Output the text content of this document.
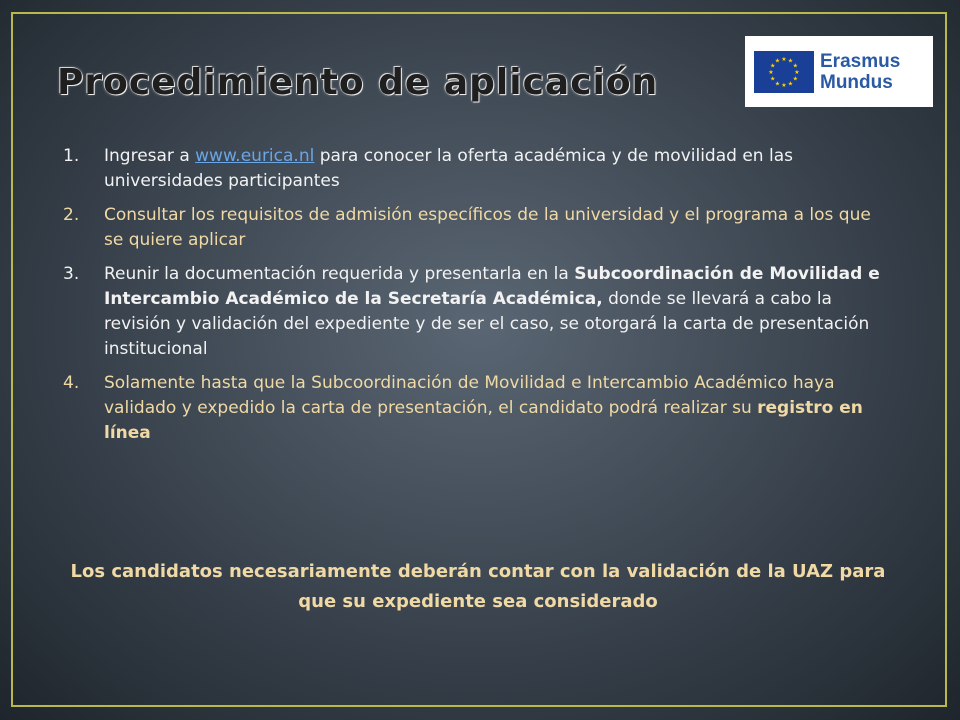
Procedimiento de aplicación
★ ★
★
★
★
★
★
★
★
★
★
★ Erasmus
Mundus
1.	Ingresar a www.eurica.nl para conocer la oferta académica y de movilidad en las universidades participantes
2.	Consultar los requisitos de admisión específicos de la universidad y el programa a los que se quiere aplicar
3.	Reunir la documentación requerida y presentarla en la Subcoordinación de Movilidad e Intercambio Académico de la Secretaría Académica, donde se llevará a cabo la revisión y validación del expediente y de ser el caso, se otorgará la carta de presentación institucional
4.	Solamente hasta que la Subcoordinación de Movilidad e Intercambio Académico haya validado y expedido la carta de presentación, el candidato podrá realizar su registro en línea
Los candidatos necesariamente deberán contar con la validación de la UAZ para que su expediente sea considerado
